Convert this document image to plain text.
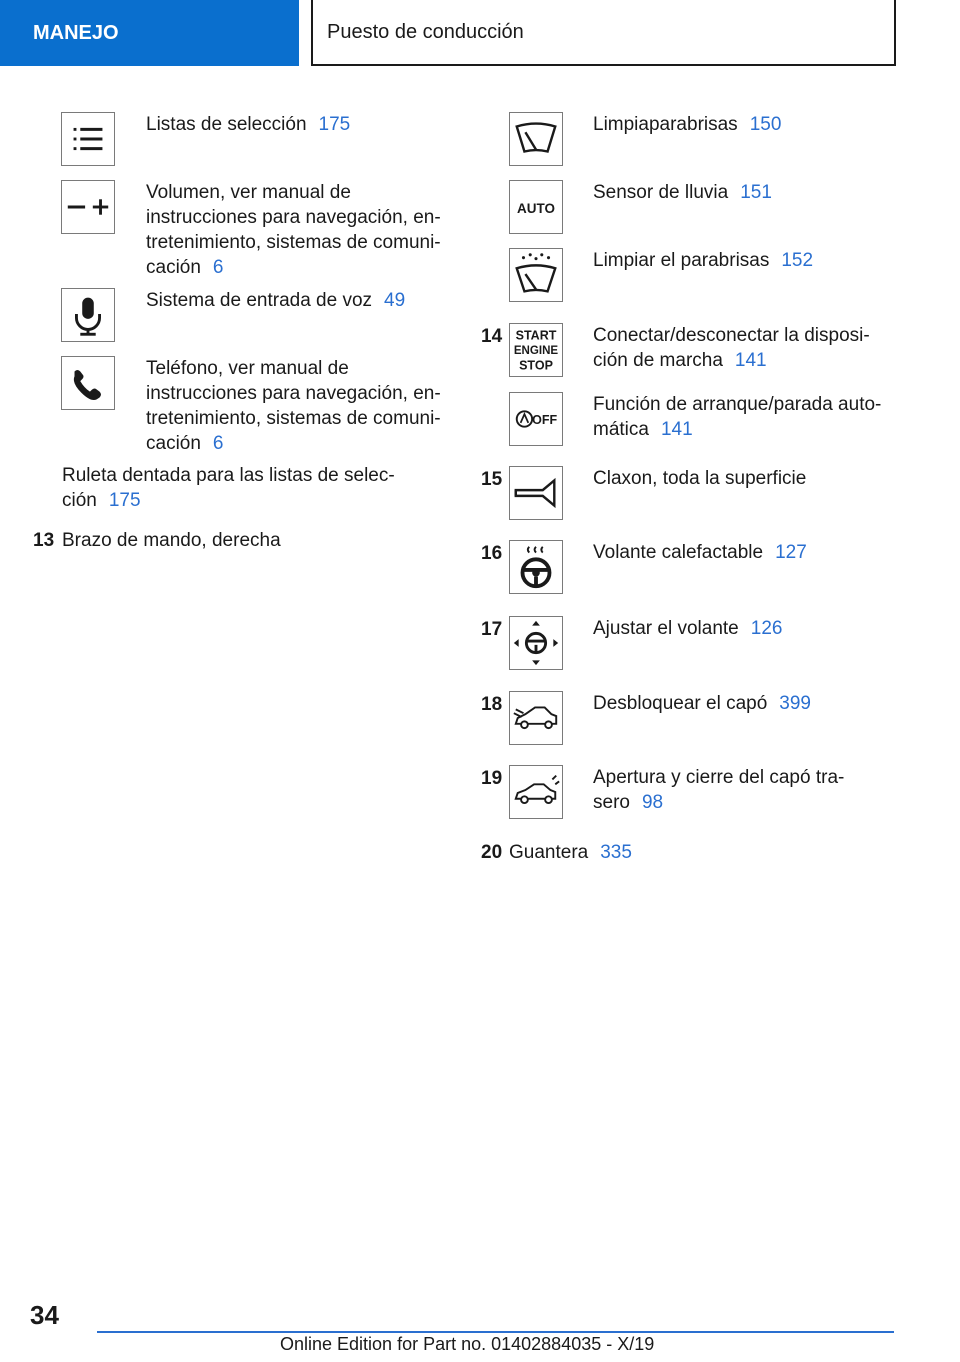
MANEJO	Puesto de conducción
Listas de selección 175
Volumen, ver manual de
instrucciones para navegación, en-
tretenimiento, sistemas de comuni-
cación 6
Sistema de entrada de voz 49
Teléfono, ver manual de
instrucciones para navegación, en-
tretenimiento, sistemas de comuni-
cación 6
Ruleta dentada para las listas de selec-
ción 175
13 Brazo de mando, derecha
Limpiaparabrisas 150
AUTO
Sensor de lluvia 151
Limpiar el parabrisas 152
14 START
ENGINE
STOP
Conectar/desconectar la disposi-
ción de marcha 141
OFF
Función de arranque/parada auto-
mática 141
15	Claxon, toda la superficie
16	Volante calefactable 127
17	Ajustar el volante 126
18	Desbloquear el capó 399
19	Apertura y cierre del capó tra-
sero 98
20 Guantera 335
34
Online Edition for Part no. 01402884035 - X/19
